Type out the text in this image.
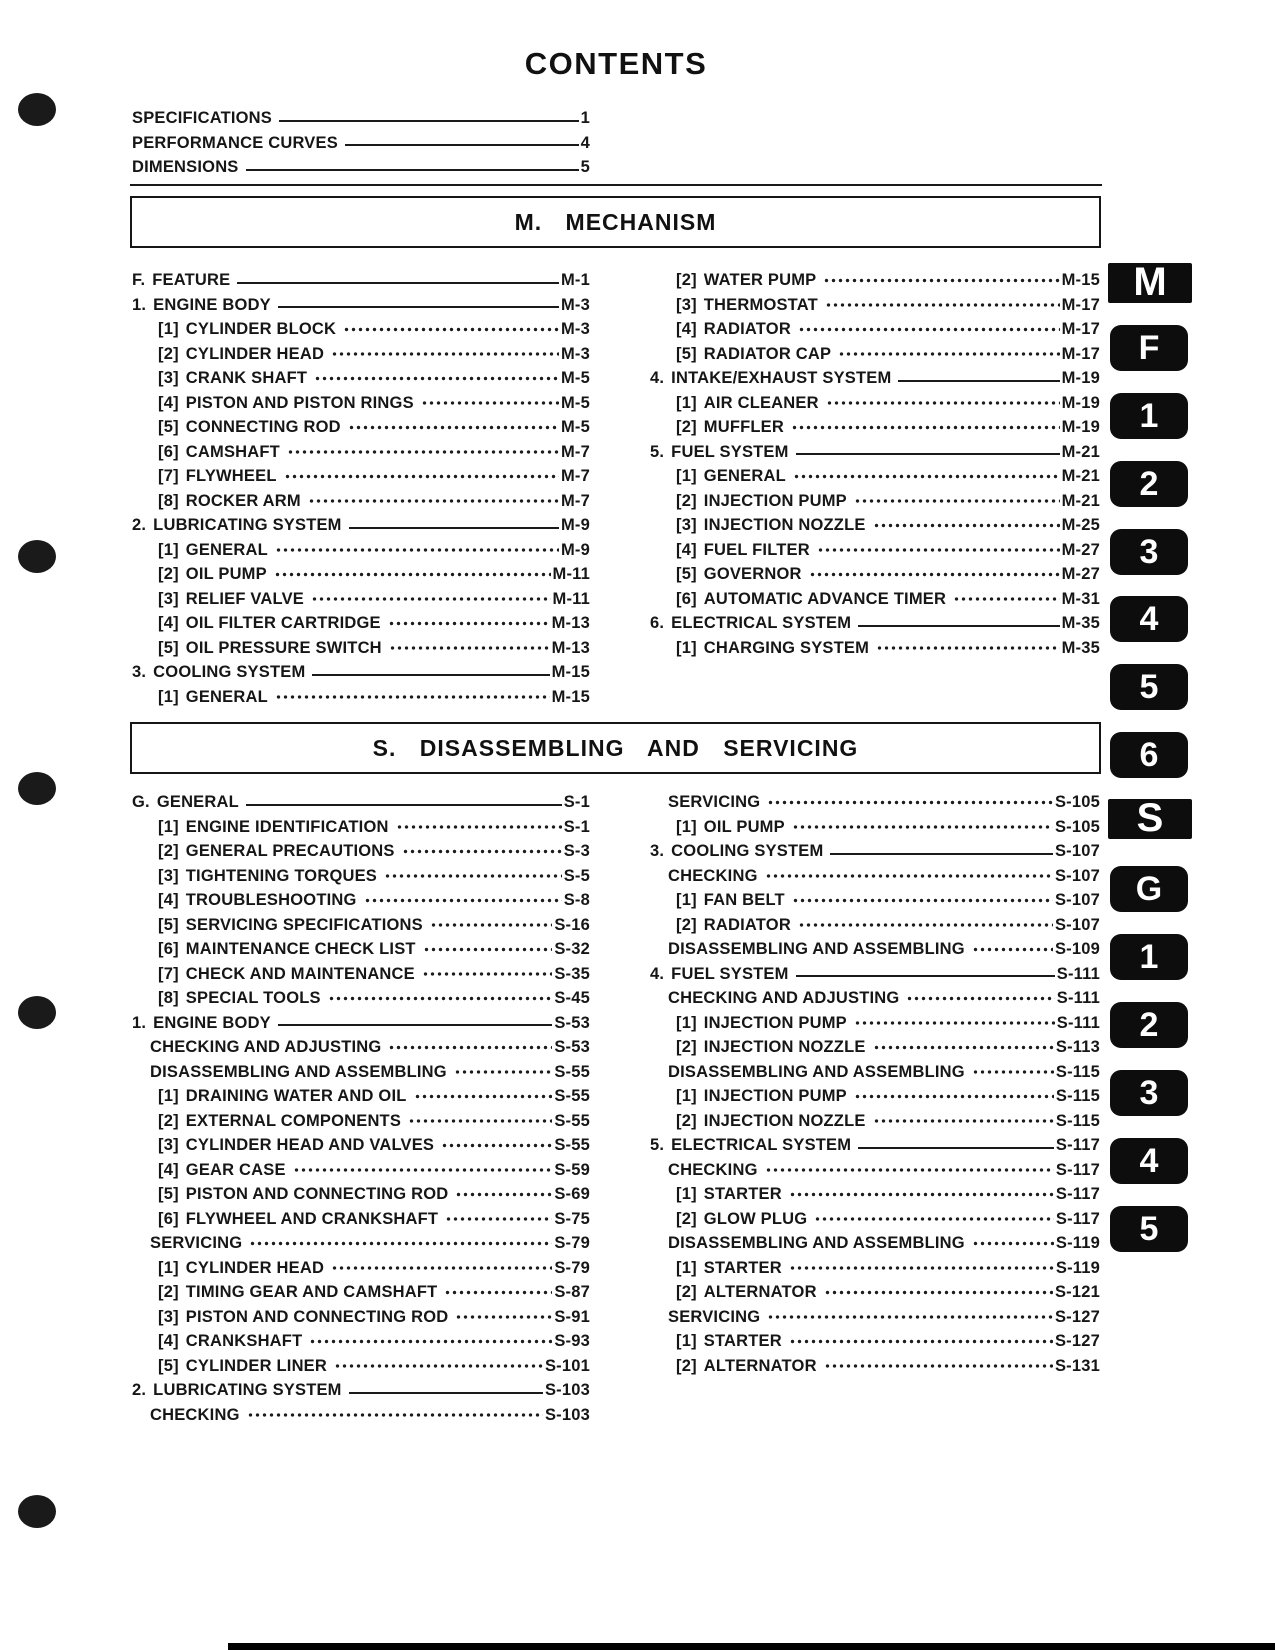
CONTENTS
SPECIFICATIONS	1
PERFORMANCE CURVES	4
DIMENSIONS	5
M. MECHANISM
F. FEATURE	M-1
1. ENGINE BODY	M-3
[1] CYLINDER BLOCK	M-3
[2] CYLINDER HEAD	M-3
[3] CRANK SHAFT	M-5
[4] PISTON AND PISTON RINGS	M-5
[5] CONNECTING ROD	M-5
[6] CAMSHAFT	M-7
[7] FLYWHEEL	M-7
[8] ROCKER ARM	M-7
2. LUBRICATING SYSTEM	M-9
[1] GENERAL	M-9
[2] OIL PUMP	M-11
[3] RELIEF VALVE	M-11
[4] OIL FILTER CARTRIDGE	M-13
[5] OIL PRESSURE SWITCH	M-13
3. COOLING SYSTEM	M-15
[1] GENERAL	M-15
[2] WATER PUMP	M-15
[3] THERMOSTAT	M-17
[4] RADIATOR	M-17
[5] RADIATOR CAP	M-17
4. INTAKE/EXHAUST SYSTEM	M-19
[1] AIR CLEANER	M-19
[2] MUFFLER	M-19
5. FUEL SYSTEM	M-21
[1] GENERAL	M-21
[2] INJECTION PUMP	M-21
[3] INJECTION NOZZLE	M-25
[4] FUEL FILTER	M-27
[5] GOVERNOR	M-27
[6] AUTOMATIC ADVANCE TIMER	M-31
6. ELECTRICAL SYSTEM	M-35
[1] CHARGING SYSTEM	M-35
S. DISASSEMBLING AND SERVICING
G. GENERAL	S-1
[1] ENGINE IDENTIFICATION	S-1
[2] GENERAL PRECAUTIONS	S-3
[3] TIGHTENING TORQUES	S-5
[4] TROUBLESHOOTING	S-8
[5] SERVICING SPECIFICATIONS	S-16
[6] MAINTENANCE CHECK LIST	S-32
[7] CHECK AND MAINTENANCE	S-35
[8] SPECIAL TOOLS	S-45
1. ENGINE BODY	S-53
CHECKING AND ADJUSTING	S-53
DISASSEMBLING AND ASSEMBLING	S-55
[1] DRAINING WATER AND OIL	S-55
[2] EXTERNAL COMPONENTS	S-55
[3] CYLINDER HEAD AND VALVES	S-55
[4] GEAR CASE	S-59
[5] PISTON AND CONNECTING ROD	S-69
[6] FLYWHEEL AND CRANKSHAFT	S-75
SERVICING	S-79
[1] CYLINDER HEAD	S-79
[2] TIMING GEAR AND CAMSHAFT	S-87
[3] PISTON AND CONNECTING ROD	S-91
[4] CRANKSHAFT	S-93
[5] CYLINDER LINER	S-101
2. LUBRICATING SYSTEM	S-103
CHECKING	S-103
SERVICING	S-105
[1] OIL PUMP	S-105
3. COOLING SYSTEM	S-107
CHECKING	S-107
[1] FAN BELT	S-107
[2] RADIATOR	S-107
DISASSEMBLING AND ASSEMBLING	S-109
4. FUEL SYSTEM	S-111
CHECKING AND ADJUSTING	S-111
[1] INJECTION PUMP	S-111
[2] INJECTION NOZZLE	S-113
DISASSEMBLING AND ASSEMBLING	S-115
[1] INJECTION PUMP	S-115
[2] INJECTION NOZZLE	S-115
5. ELECTRICAL SYSTEM	S-117
CHECKING	S-117
[1] STARTER	S-117
[2] GLOW PLUG	S-117
DISASSEMBLING AND ASSEMBLING	S-119
[1] STARTER	S-119
[2] ALTERNATOR	S-121
SERVICING	S-127
[1] STARTER	S-127
[2] ALTERNATOR	S-131
M
F
1
2
3
4
5
6
S
G
1
2
3
4
5
